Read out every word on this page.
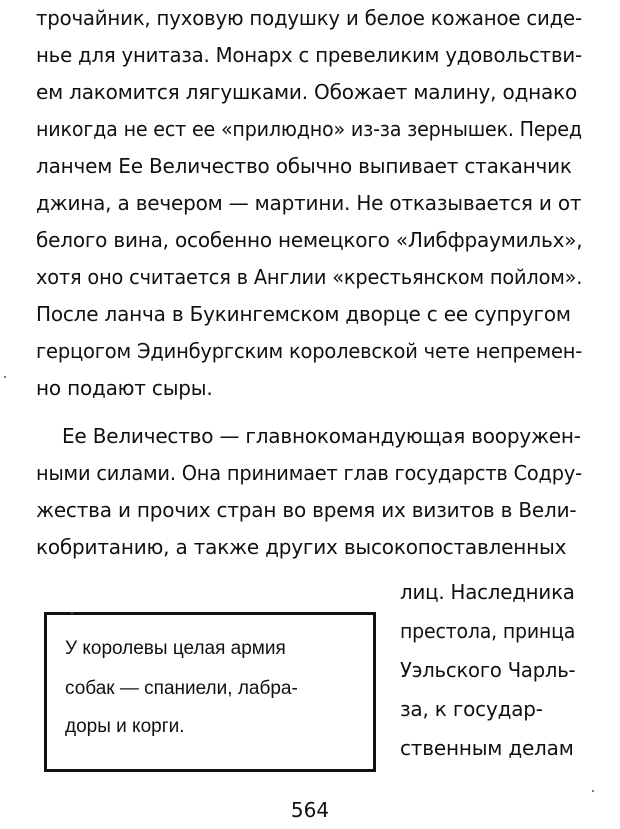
трочайник, пуховую подушку и белое кожаное сиде-
нье для унитаза. Монарх с превеликим удовольстви-
ем лакомится лягушками. Обожает малину, однако
никогда не ест ее «прилюдно» из-за зернышек. Перед
ланчем Ее Величество обычно выпивает стаканчик
джина, а вечером — мартини. Не отказывается и от
белого вина, особенно немецкого «Либфраумильх»,
хотя оно считается в Англии «крестьянском пойлом».
После ланча в Букингемском дворце с ее супругом
герцогом Эдинбургским королевской чете непремен-
но подают сыры.
Ее Величество — главнокомандующая вооружен-
ными силами. Она принимает глав государств Содру-
жества и прочих стран во время их визитов в Вели-
кобританию, а также других высокопоставленных
лиц. Наследника
престола, принца
Уэльского Чарль-
за, к государ-
ственным делам
У королевы целая армия
собак — спаниели, лабра-
доры и корги.
564
